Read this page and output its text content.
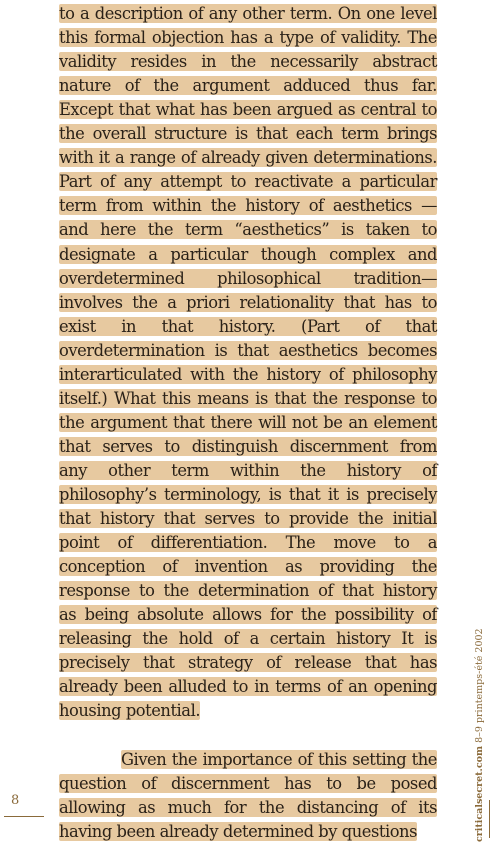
to a description of any other term. On one level
this formal objection has a type of validity. The
validity resides in the necessarily abstract
nature of the argument adduced thus far.
Except that what has been argued as central to
the overall structure is that each term brings
with it a range of already given determinations.
Part of any attempt to reactivate a particular
term from within the history of aesthetics —
and here the term “aesthetics” is taken to
designate a particular though complex and
overdetermined philosophical tradition—
involves the a priori relationality that has to
exist in that history. (Part of that
overdetermination is that aesthetics becomes
interarticulated with the history of philosophy
itself.) What this means is that the response to
the argument that there will not be an element
that serves to distinguish discernment from
any other term within the history of
philosophy’s terminology, is that it is precisely
that history that serves to provide the initial
point of differentiation. The move to a
conception of invention as providing the
response to the determination of that history
as being absolute allows for the possibility of
releasing the hold of a certain history It is
precisely that strategy of release that has
already been alluded to in terms of an opening
housing potential.
Given the importance of this setting the
question of discernment has to be posed
allowing as much for the distancing of its
having been already determined by questions
8	criticalsecret.com 8–9 printemps-été 2002
